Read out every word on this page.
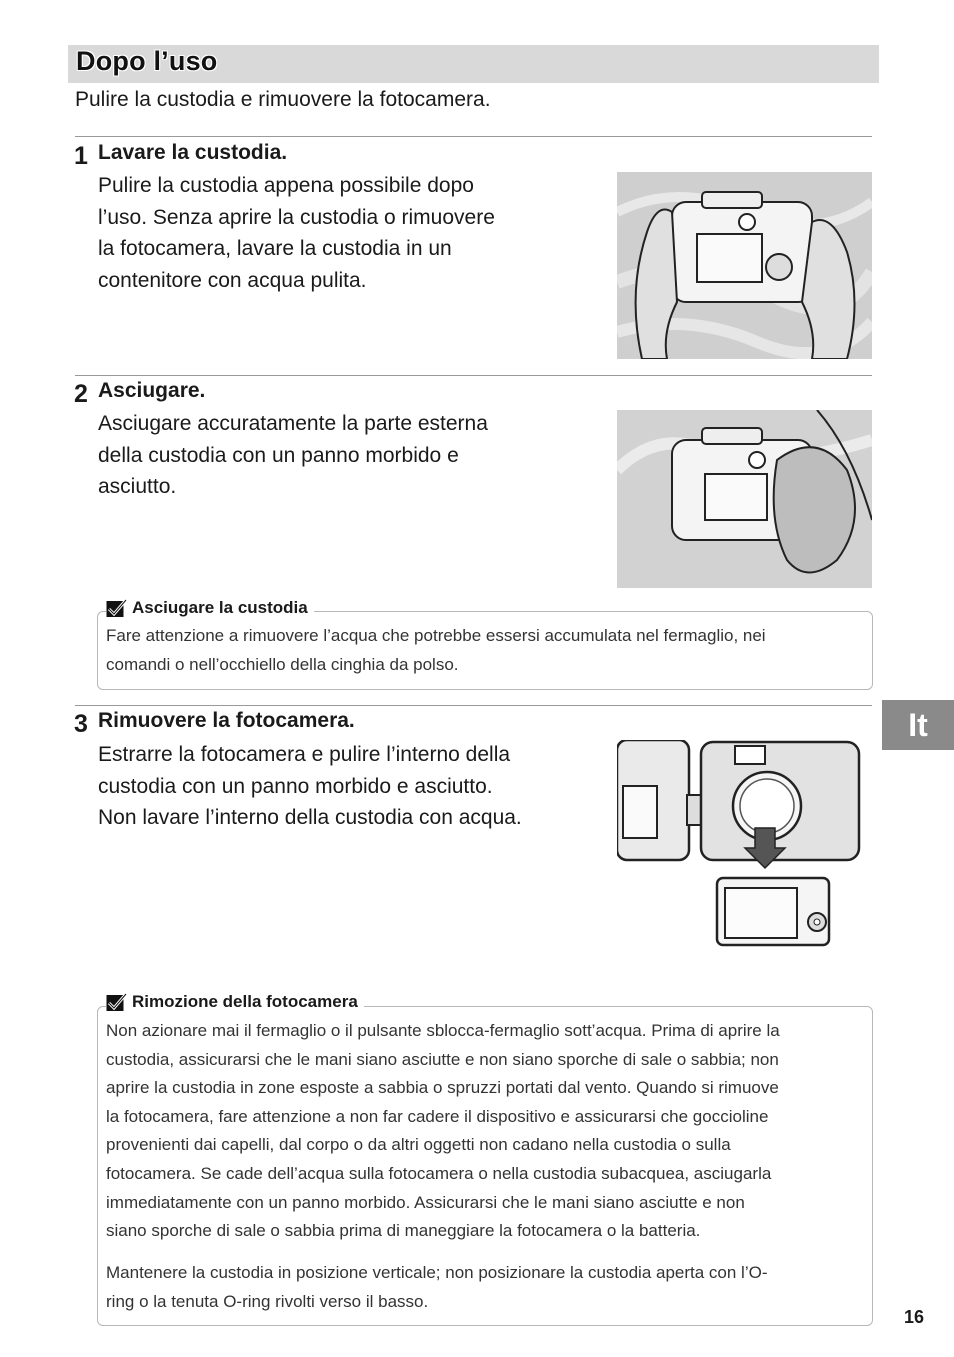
Dopo l’uso
Pulire la custodia e rimuovere la fotocamera.
1 Lavare la custodia.
Pulire la custodia appena possibile dopo
l’uso. Senza aprire la custodia o rimuovere
la fotocamera, lavare la custodia in un
contenitore con acqua pulita.
2 Asciugare.
Asciugare accuratamente la parte esterna
della custodia con un panno morbido e
asciutto.
Asciugare la custodia
Fare attenzione a rimuovere l’acqua che potrebbe essersi accumulata nel fermaglio, nei
comandi o nell’occhiello della cinghia da polso.
3 Rimuovere la fotocamera.
Estrarre la fotocamera e pulire l’interno della
custodia con un panno morbido e asciutto.
Non lavare l’interno della custodia con acqua.
It
Rimozione della fotocamera
Non azionare mai il fermaglio o il pulsante sblocca-fermaglio sott’acqua. Prima di aprire la
custodia, assicurarsi che le mani siano asciutte e non siano sporche di sale o sabbia; non
aprire la custodia in zone esposte a sabbia o spruzzi portati dal vento. Quando si rimuove
la fotocamera, fare attenzione a non far cadere il dispositivo e assicurarsi che goccioline
provenienti dai capelli, dal corpo o da altri oggetti non cadano nella custodia o sulla
fotocamera. Se cade dell’acqua sulla fotocamera o nella custodia subacquea, asciugarla
immediatamente con un panno morbido. Assicurarsi che le mani siano asciutte e non
siano sporche di sale o sabbia prima di maneggiare la fotocamera o la batteria.
Mantenere la custodia in posizione verticale; non posizionare la custodia aperta con l’O-
ring o la tenuta O-ring rivolti verso il basso.
16
